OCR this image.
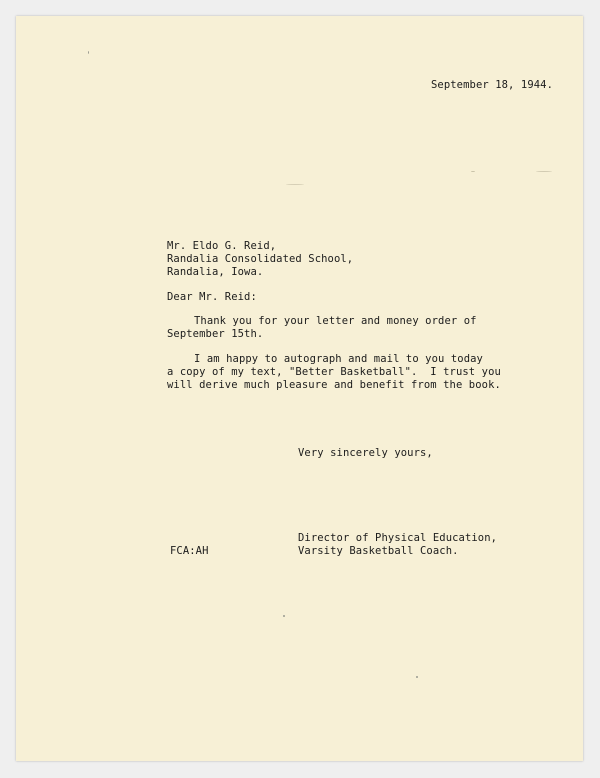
September 18, 1944.
Mr. Eldo G. Reid,
Randalia Consolidated School,
Randalia, Iowa.
Dear Mr. Reid:
Thank you for your letter and money order of
September 15th.
I am happy to autograph and mail to you today
a copy of my text, "Better Basketball".  I trust you
will derive much pleasure and benefit from the book.
Very sincerely yours,
Director of Physical Education,
Varsity Basketball Coach.
FCA:AH
